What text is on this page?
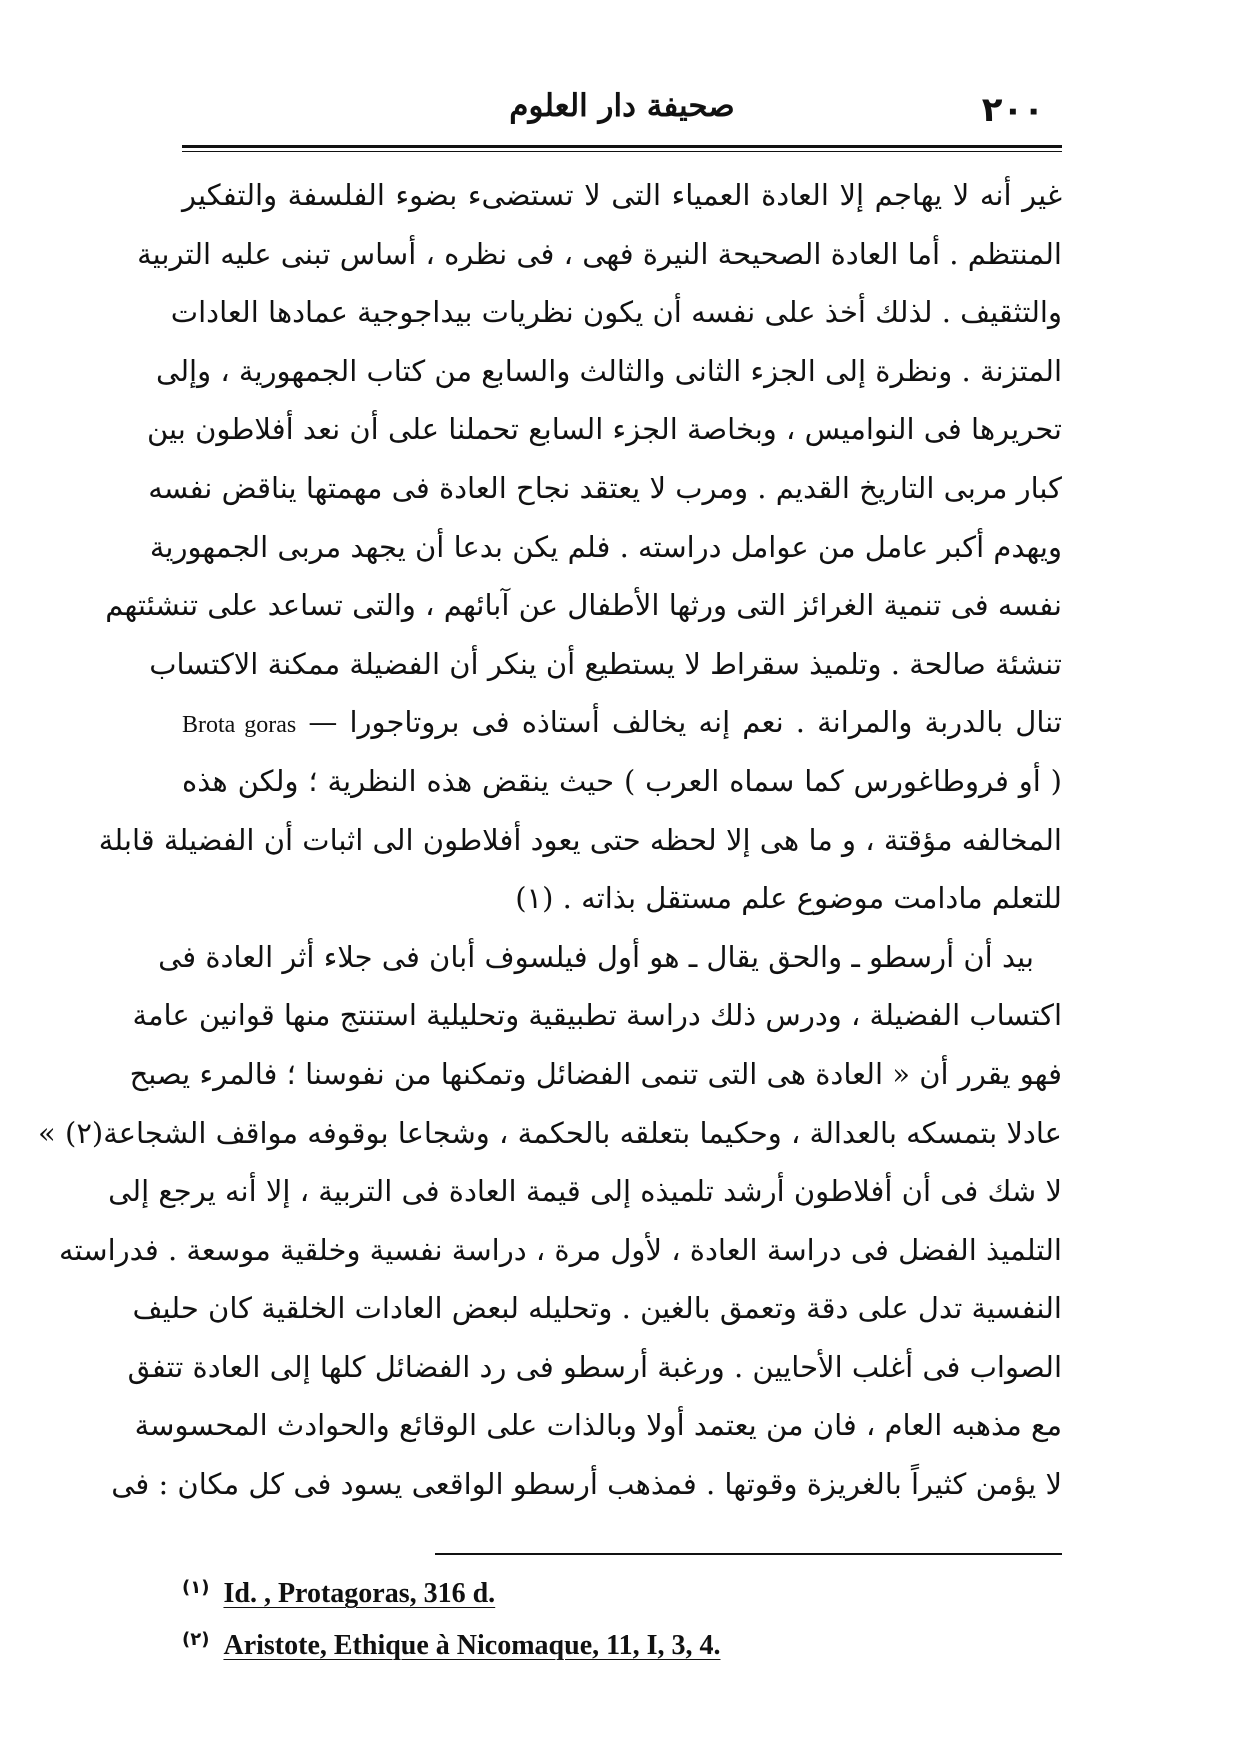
٢٠٠
صحيفة دار العلوم
غير أنه لا يهاجم إلا العادة العمياء التى لا تستضىء بضوء الفلسفة والتفكير
المنتظم . أما العادة الصحيحة النيرة فهى ، فى نظره ، أساس تبنى عليه التربية
والتثقيف . لذلك أخذ على نفسه أن يكون نظريات بيداجوجية عمادها العادات
المتزنة . ونظرة إلى الجزء الثانى والثالث والسابع من كتاب الجمهورية ، وإلى
تحريرها فى النواميس ، وبخاصة الجزء السابع تحملنا على أن نعد أفلاطون بين
كبار مربى التاريخ القديم . ومرب لا يعتقد نجاح العادة فى مهمتها يناقض نفسه
ويهدم أكبر عامل من عوامل دراسته . فلم يكن بدعا أن يجهد مربى الجمهورية
نفسه فى تنمية الغرائز التى ورثها الأطفال عن آبائهم ، والتى تساعد على تنشئتهم
تنشئة صالحة . وتلميذ سقراط لا يستطيع أن ينكر أن الفضيلة ممكنة الاكتساب
تنال بالدربة والمرانة . نعم إنه يخالف أستاذه فى بروتاجورا — Brota goras
( أو فروطاغورس كما سماه العرب ) حيث ينقض هذه النظرية ؛ ولكن هذه
المخالفه مؤقتة ، و ما هى إلا لحظه حتى يعود أفلاطون الى اثبات أن الفضيلة قابلة
للتعلم مادامت موضوع علم مستقل بذاته . (١)
بيد أن أرسطو ـ والحق يقال ـ هو أول فيلسوف أبان فى جلاء أثر العادة فى
اكتساب الفضيلة ، ودرس ذلك دراسة تطبيقية وتحليلية استنتج منها قوانين عامة
فهو يقرر أن « العادة هى التى تنمى الفضائل وتمكنها من نفوسنا ؛ فالمرء يصبح
عادلا بتمسكه بالعدالة ، وحكيما بتعلقه بالحكمة ، وشجاعا بوقوفه مواقف الشجاعة(٢) »
لا شك فى أن أفلاطون أرشد تلميذه إلى قيمة العادة فى التربية ، إلا أنه يرجع إلى
التلميذ الفضل فى دراسة العادة ، لأول مرة ، دراسة نفسية وخلقية موسعة . فدراسته
النفسية تدل على دقة وتعمق بالغين . وتحليله لبعض العادات الخلقية كان حليف
الصواب فى أغلب الأحايين . ورغبة أرسطو فى رد الفضائل كلها إلى العادة تتفق
مع مذهبه العام ، فان من يعتمد أولا وبالذات على الوقائع والحوادث المحسوسة
لا يؤمن كثيراً بالغريزة وقوتها . فمذهب أرسطو الواقعى يسود فى كل مكان : فى
(١) Id. , Protagoras, 316 d.
(٢) Aristote, Ethique à Nicomaque, 11, I, 3, 4.
